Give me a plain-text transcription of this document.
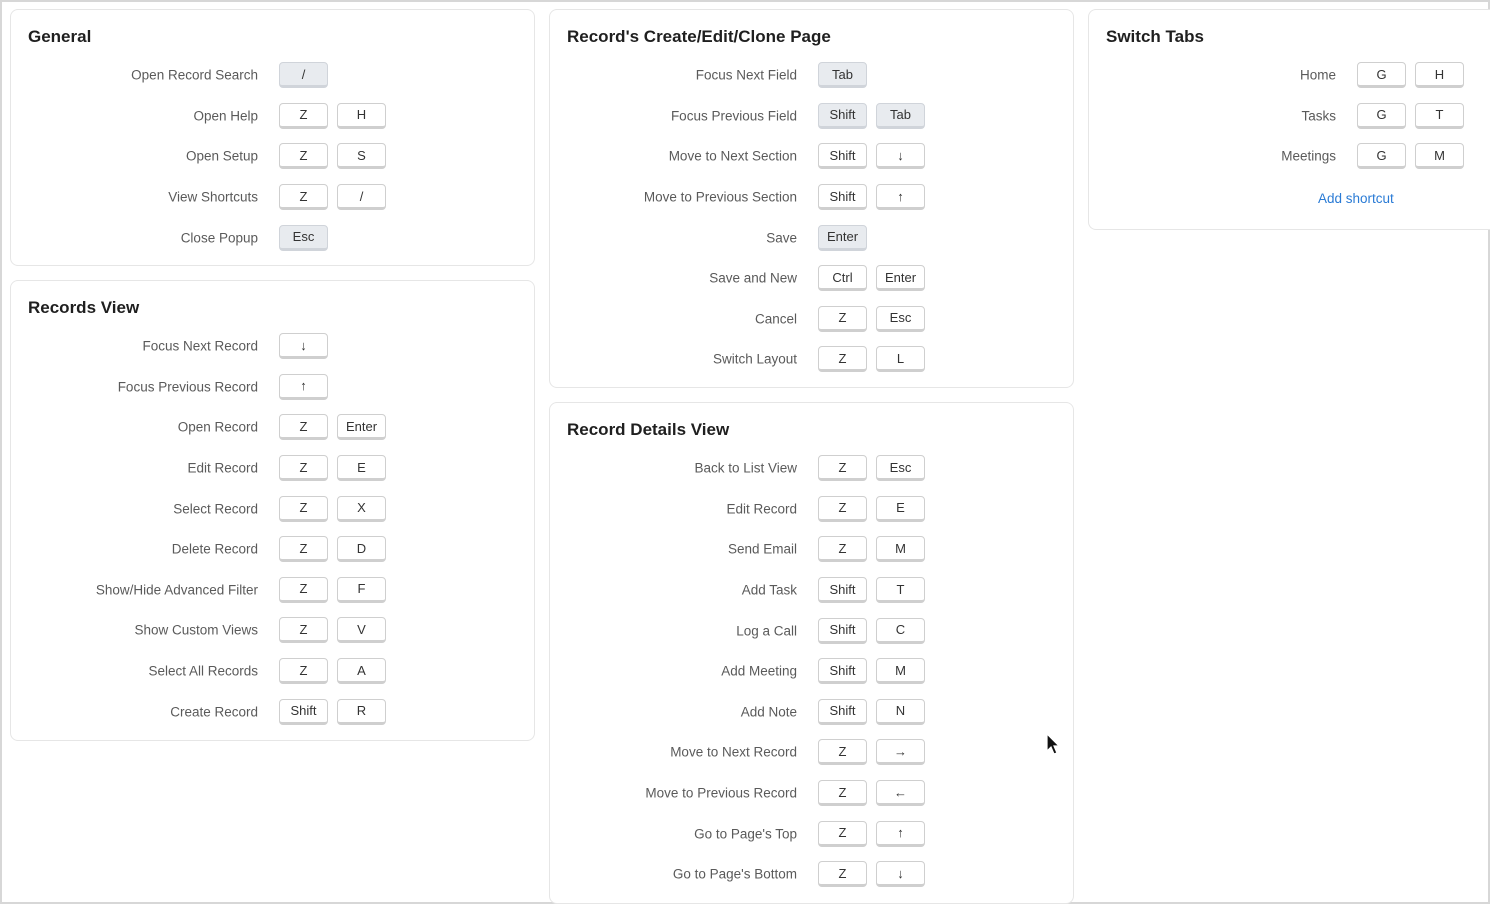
General
Open Record Search	/
Open Help	Z	H
Open Setup	Z	S
View Shortcuts	Z	/
Close Popup	Esc
Records View
Focus Next Record	↓
Focus Previous Record	↑
Open Record	Z	Enter
Edit Record	Z	E
Select Record	Z	X
Delete Record	Z	D
Show/Hide Advanced Filter	Z	F
Show Custom Views	Z	V
Select All Records	Z	A
Create Record	Shift	R
Record's Create/Edit/Clone Page
Focus Next Field	Tab
Focus Previous Field	Shift	Tab
Move to Next Section	Shift	↓
Move to Previous Section	Shift	↑
Save	Enter
Save and New	Ctrl	Enter
Cancel	Z	Esc
Switch Layout	Z	L
Record Details View
Back to List View	Z	Esc
Edit Record	Z	E
Send Email	Z	M
Add Task	Shift	T
Log a Call	Shift	C
Add Meeting	Shift	M
Add Note	Shift	N
Move to Next Record	Z	→
Move to Previous Record	Z	←
Go to Page's Top	Z	↑
Go to Page's Bottom	Z	↓
Switch Tabs
Home	G	H
Tasks	G	T
Meetings	G	M
Add shortcut
